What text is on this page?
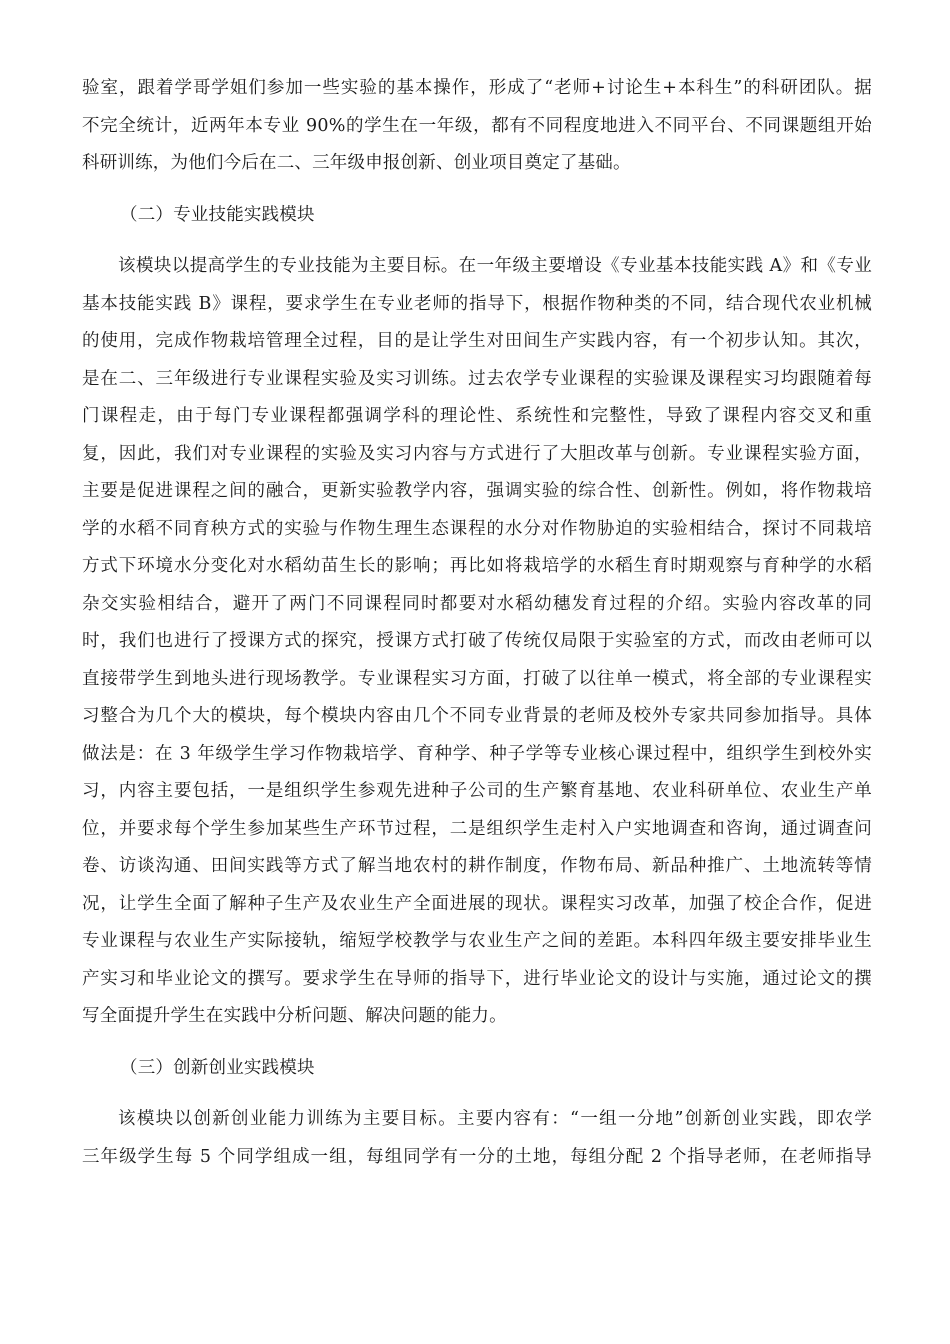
验室，跟着学哥学姐们参加一些实验的基本操作，形成了“老师+讨论生+本科生”的科研团队。据
不完全统计，近两年本专业 90%的学生在一年级，都有不同程度地进入不同平台、不同课题组开始
科研训练，为他们今后在二、三年级申报创新、创业项目奠定了基础。
（二）专业技能实践模块
该模块以提高学生的专业技能为主要目标。在一年级主要增设《专业基本技能实践 A》和《专业
基本技能实践 B》课程，要求学生在专业老师的指导下，根据作物种类的不同，结合现代农业机械
的使用，完成作物栽培管理全过程，目的是让学生对田间生产实践内容，有一个初步认知。其次，
是在二、三年级进行专业课程实验及实习训练。过去农学专业课程的实验课及课程实习均跟随着每
门课程走，由于每门专业课程都强调学科的理论性、系统性和完整性，导致了课程内容交叉和重
复，因此，我们对专业课程的实验及实习内容与方式进行了大胆改革与创新。专业课程实验方面，
主要是促进课程之间的融合，更新实验教学内容，强调实验的综合性、创新性。例如，将作物栽培
学的水稻不同育秧方式的实验与作物生理生态课程的水分对作物胁迫的实验相结合，探讨不同栽培
方式下环境水分变化对水稻幼苗生长的影响；再比如将栽培学的水稻生育时期观察与育种学的水稻
杂交实验相结合，避开了两门不同课程同时都要对水稻幼穗发育过程的介绍。实验内容改革的同
时，我们也进行了授课方式的探究，授课方式打破了传统仅局限于实验室的方式，而改由老师可以
直接带学生到地头进行现场教学。专业课程实习方面，打破了以往单一模式，将全部的专业课程实
习整合为几个大的模块，每个模块内容由几个不同专业背景的老师及校外专家共同参加指导。具体
做法是：在 3 年级学生学习作物栽培学、育种学、种子学等专业核心课过程中，组织学生到校外实
习，内容主要包括，一是组织学生参观先进种子公司的生产繁育基地、农业科研单位、农业生产单
位，并要求每个学生参加某些生产环节过程，二是组织学生走村入户实地调查和咨询，通过调查问
卷、访谈沟通、田间实践等方式了解当地农村的耕作制度，作物布局、新品种推广、土地流转等情
况，让学生全面了解种子生产及农业生产全面进展的现状。课程实习改革，加强了校企合作，促进
专业课程与农业生产实际接轨，缩短学校教学与农业生产之间的差距。本科四年级主要安排毕业生
产实习和毕业论文的撰写。要求学生在导师的指导下，进行毕业论文的设计与实施，通过论文的撰
写全面提升学生在实践中分析问题、解决问题的能力。
（三）创新创业实践模块
该模块以创新创业能力训练为主要目标。主要内容有：“一组一分地”创新创业实践，即农学
三年级学生每 5 个同学组成一组，每组同学有一分的土地，每组分配 2 个指导老师，在老师指导
